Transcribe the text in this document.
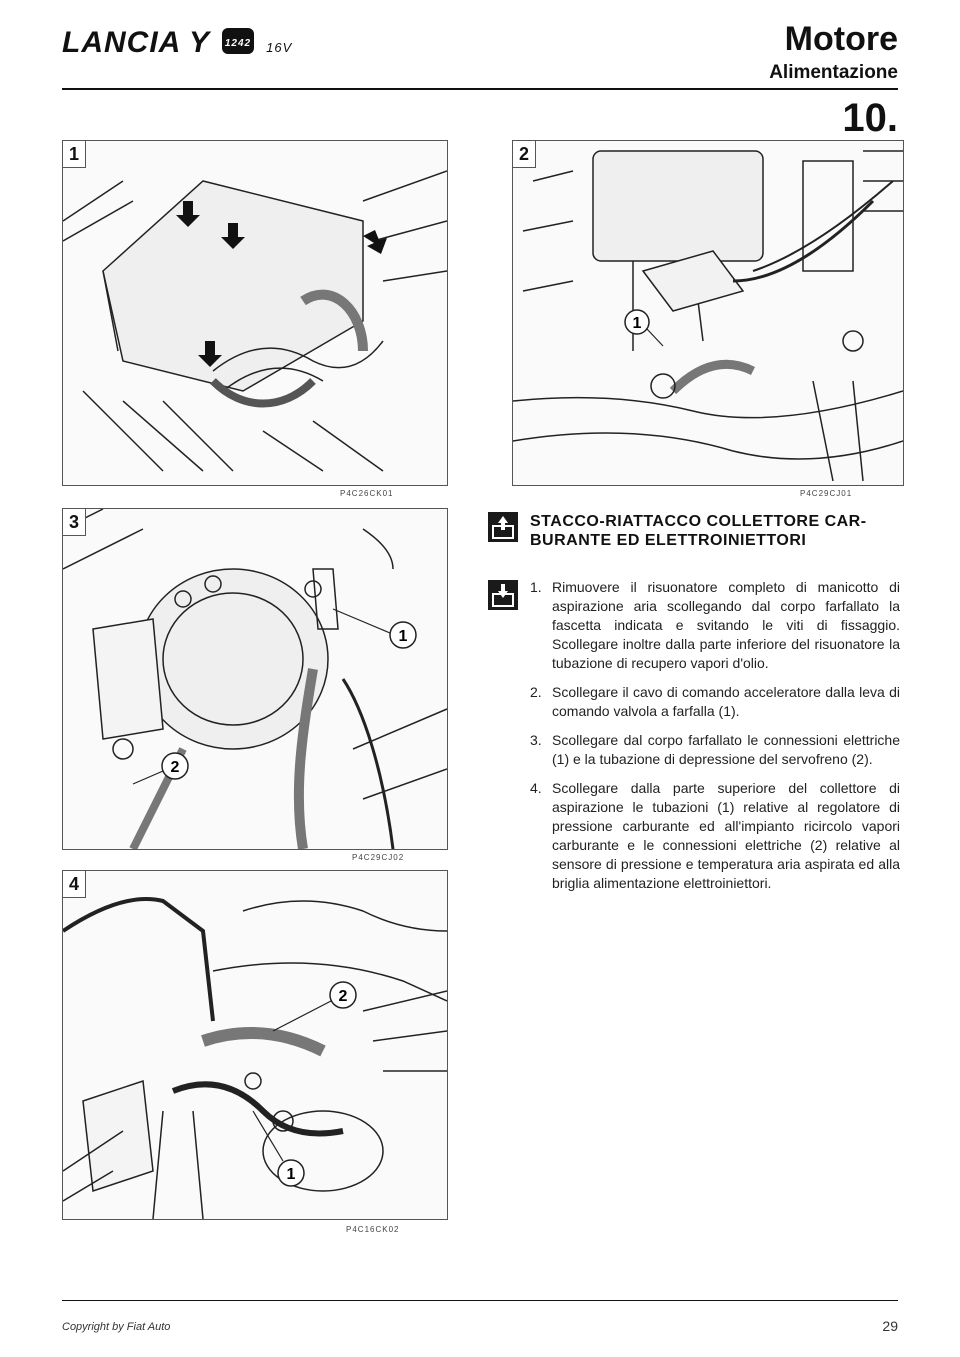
LANCIA Y 1242 16V	Motore
Alimentazione
10.
1
P4C26CK01
1
2
P4C29CJ01
1
2
3
P4C29CJ02
2
1
4
P4C16CK02
STACCO-RIATTACCO COLLETTORE CAR-BURANTE ED ELETTROINIETTORI
1. Rimuovere il risuonatore completo di manicotto di aspirazione aria scollegando dal corpo farfallato la fascetta indicata e svitando le viti di fissaggio. Scollegare inoltre dalla parte inferiore del risuonatore la tubazione di recupero vapori d'olio.
2. Scollegare il cavo di comando acceleratore dalla leva di comando valvola a farfalla (1).
3. Scollegare dal corpo farfallato le connessioni elettriche (1) e la tubazione di depressione del servofreno (2).
4. Scollegare dalla parte superiore del collettore di aspirazione le tubazioni (1) relative al regolatore di pressione carburante ed all'impianto ricircolo vapori carburante e le connessioni elettriche (2) relative al sensore di pressione e temperatura aria aspirata ed alla briglia alimentazione elettroiniettori.
Copyright by Fiat Auto	29
